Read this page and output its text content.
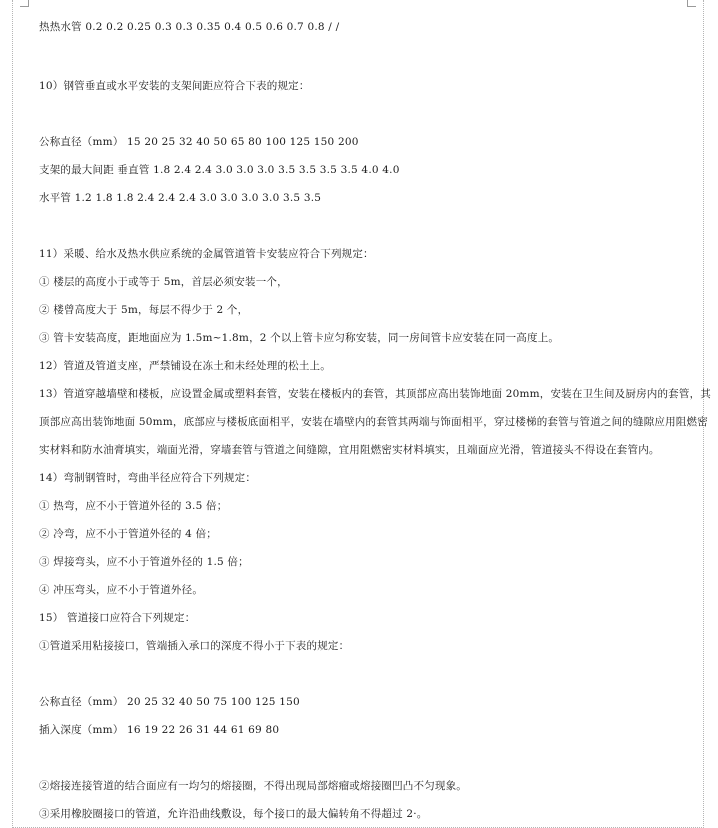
热热水管 0.2 0.2 0.25 0.3 0.3 0.35 0.4 0.5 0.6 0.7 0.8 / /
10）钢管垂直或水平安装的支架间距应符合下表的规定：
公称直径（mm） 15 20 25 32 40 50 65 80 100 125 150 200
支架的最大间距 垂直管 1.8 2.4 2.4 3.0 3.0 3.0 3.5 3.5 3.5 3.5 4.0 4.0
水平管 1.2 1.8 1.8 2.4 2.4 2.4 3.0 3.0 3.0 3.0 3.5 3.5
11）采暖、给水及热水供应系统的金属管道管卡安装应符合下列规定：
① 楼层的高度小于或等于 5m，首层必须安装一个，
② 楼曾高度大于 5m，每层不得少于 2 个，
③ 管卡安装高度，距地面应为 1.5m~1.8m，2 个以上管卡应匀称安装，同一房间管卡应安装在同一高度上。
12）管道及管道支座，严禁铺设在冻土和未经处理的松土上。
13）管道穿越墙壁和楼板，应设置金属或塑料套管，安装在楼板内的套管，其顶部应高出装饰地面 20mm，安装在卫生间及厨房内的套管，其
顶部应高出装饰地面 50mm，底部应与楼板底面相平，安装在墙壁内的套管其两端与饰面相平，穿过楼梯的套管与管道之间的缝隙应用阻燃密
实材料和防水油膏填实，端面光滑，穿墙套管与管道之间缝隙，宜用阻燃密实材料填实，且端面应光滑，管道接头不得设在套管内。
14）弯制钢管时，弯曲半径应符合下列规定：
① 热弯，应不小于管道外径的 3.5 倍；
② 冷弯，应不小于管道外径的 4 倍；
③ 焊接弯头，应不小于管道外径的 1.5 倍；
④ 冲压弯头，应不小于管道外径。
15） 管道接口应符合下列规定：
①管道采用粘接接口，管端插入承口的深度不得小于下表的规定：
公称直径（mm） 20 25 32 40 50 75 100 125 150
插入深度（mm） 16 19 22 26 31 44 61 69 80
②熔接连接管道的结合面应有一均匀的熔接圈，不得出现局部熔瘤或熔接圈凹凸不匀现象。
③采用橡胶圈接口的管道，允许沿曲线敷设，每个接口的最大偏转角不得超过 2·。
